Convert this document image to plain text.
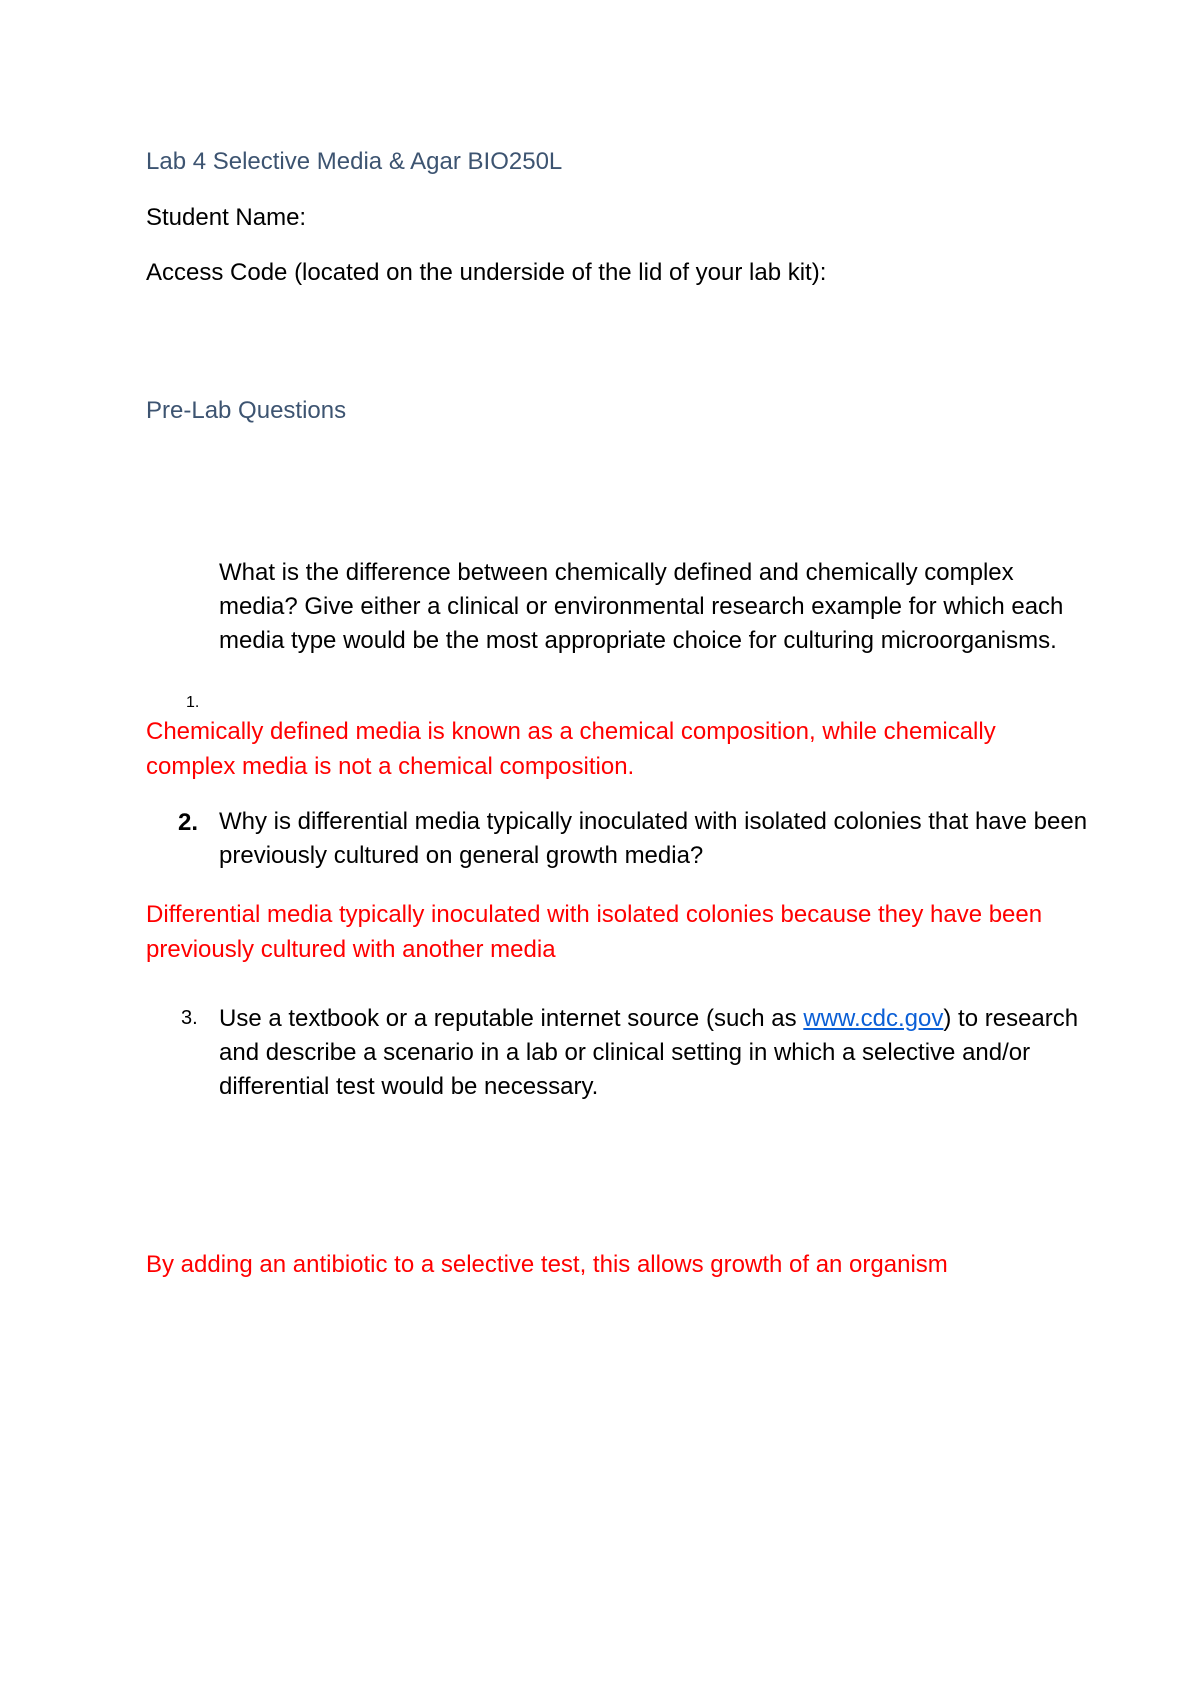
Lab 4 Selective Media & Agar BIO250L
Student Name:
Access Code (located on the underside of the lid of your lab kit):
Pre-Lab Questions
What is the difference between chemically defined and chemically complex media? Give either a clinical or environmental research example for which each media type would be the most appropriate choice for culturing microorganisms.
1.
Chemically defined media is known as a chemical composition, while chemically complex media is not a chemical composition.
2. Why is differential media typically inoculated with isolated colonies that have been previously cultured on general growth media?
Differential media typically inoculated with isolated colonies because they have been previously cultured with another media
3. Use a textbook or a reputable internet source (such as www.cdc.gov) to research and describe a scenario in a lab or clinical setting in which a selective and/or differential test would be necessary.
By adding an antibiotic to a selective test, this allows growth of an organism
